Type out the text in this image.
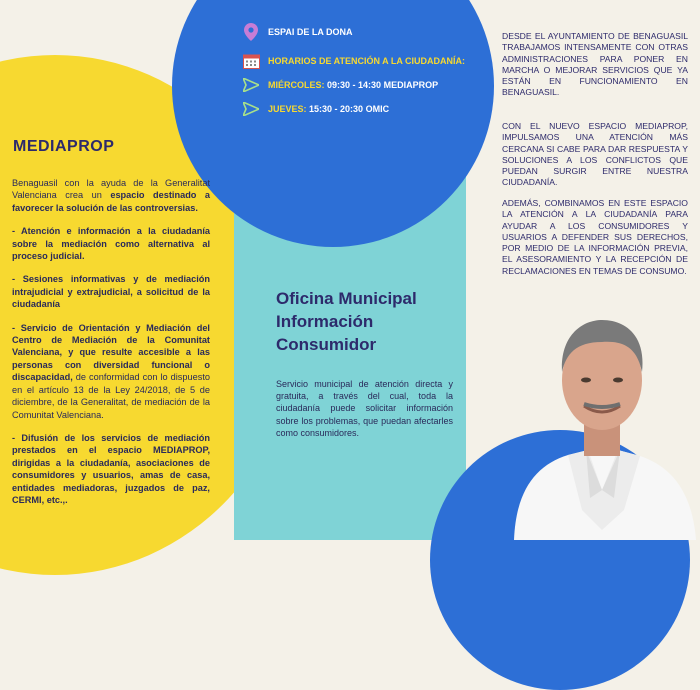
ESPAI DE LA DONA
HORARIOS DE ATENCIÓN A LA CIUDADANÍA:
MIÉRCOLES:
09:30 - 14:30 MEDIAPROP
JUEVES:
15:30 - 20:30 OMIC
MEDIAPROP

Benaguasil con la ayuda de la Generalitat Valenciana crea un espacio destinado a favorecer la solución de las controversias.

- Atención e información a la ciudadanía sobre la mediación como alternativa al proceso judicial.

- Sesiones informativas y de mediación intrajudicial y extrajudicial, a solicitud de la ciudadanía

- Servicio de Orientación y Mediación del Centro de Mediación de la Comunitat Valenciana, y que resulte accesible a las personas con diversidad funcional o discapacidad, de conformidad con lo dispuesto en el artículo 13 de la Ley 24/2018, de 5 de diciembre, de la Generalitat, de mediación de la Comunitat Valenciana.

- Difusión de los servicios de mediación prestados en el espacio MEDIAPROP, dirigidas a la ciudadanía, asociaciones de consumidores y usuarios, amas de casa, entidades mediadoras, juzgados de paz, CERMI, etc.,.

Oficina Municipal
Información
Consumidor
Servicio municipal de atención directa y gratuita, a través del cual, toda la ciudadanía puede solicitar información sobre los problemas, que puedan afectarles como consumidores.
DESDE EL AYUNTAMIENTO DE BENAGUASIL TRABAJAMOS INTENSAMENTE CON OTRAS ADMINISTRACIONES PARA PONER EN MARCHA O MEJORAR SERVICIOS QUE YA ESTÁN EN FUNCIONAMIENTO EN BENAGUASIL.
CON EL NUEVO ESPACIO MEDIAPROP, IMPULSAMOS UNA ATENCIÓN MÁS CERCANA SI CABE PARA DAR RESPUESTA Y SOLUCIONES A LOS CONFLICTOS QUE PUEDAN SURGIR ENTRE NUESTRA CIUDADANÍA.
ADEMÁS, COMBINAMOS EN ESTE ESPACIO LA ATENCIÓN A LA CIUDADANÍA PARA AYUDAR A LOS CONSUMIDORES Y USUARIOS A DEFENDER SUS DERECHOS, POR MEDIO DE LA INFORMACIÓN PREVIA, EL ASESORAMIENTO Y LA RECEPCIÓN DE RECLAMACIONES EN TEMAS DE CONSUMO.
